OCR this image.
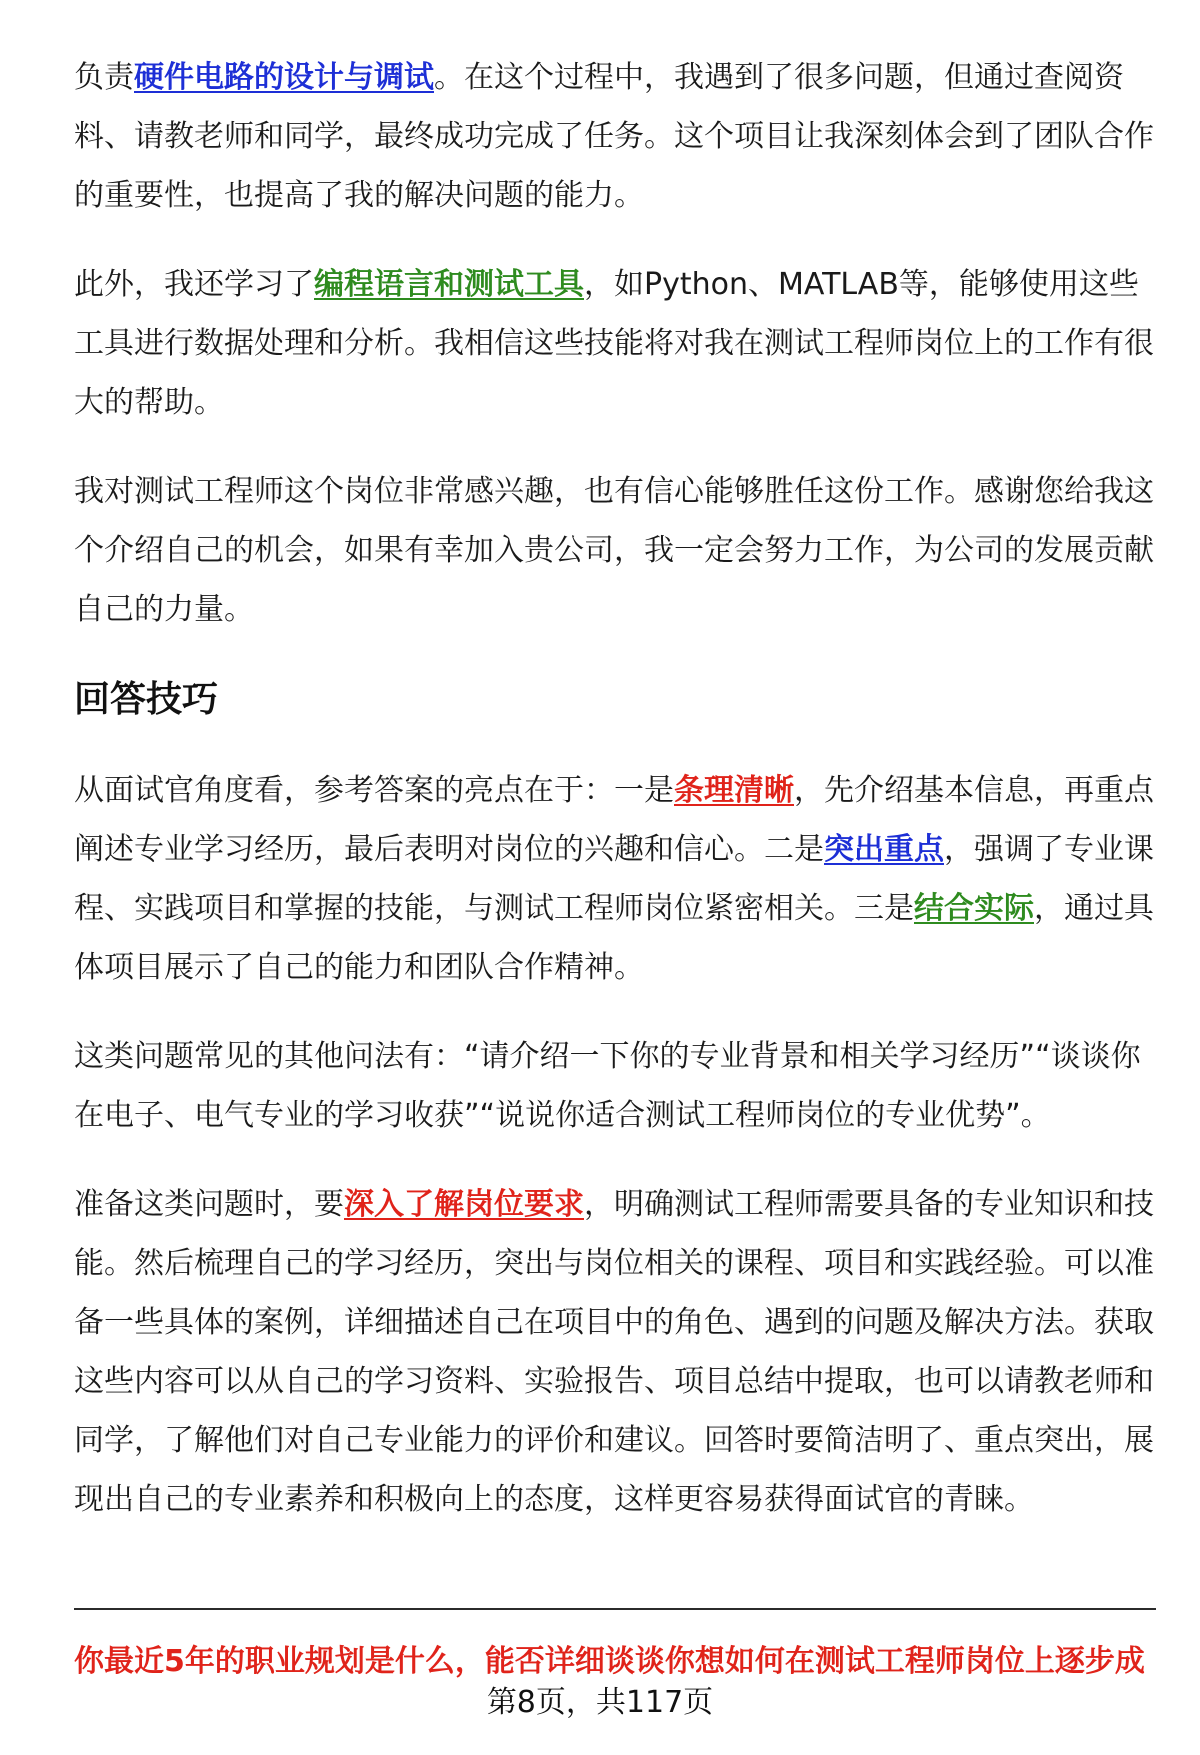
负责硬件电路的设计与调试。在这个过程中，我遇到了很多问题，但通过查阅资料、请教老师和同学，最终成功完成了任务。这个项目让我深刻体会到了团队合作的重要性，也提高了我的解决问题的能力。

此外，我还学习了编程语言和测试工具，如Python、MATLAB等，能够使用这些工具进行数据处理和分析。我相信这些技能将对我在测试工程师岗位上的工作有很大的帮助。

我对测试工程师这个岗位非常感兴趣，也有信心能够胜任这份工作。感谢您给我这个介绍自己的机会，如果有幸加入贵公司，我一定会努力工作，为公司的发展贡献自己的力量。

回答技巧

从面试官角度看，参考答案的亮点在于：一是条理清晰，先介绍基本信息，再重点阐述专业学习经历，最后表明对岗位的兴趣和信心。二是突出重点，强调了专业课程、实践项目和掌握的技能，与测试工程师岗位紧密相关。三是结合实际，通过具体项目展示了自己的能力和团队合作精神。

这类问题常见的其他问法有：“请介绍一下你的专业背景和相关学习经历”“谈谈你在电子、电气专业的学习收获”“说说你适合测试工程师岗位的专业优势”。

准备这类问题时，要深入了解岗位要求，明确测试工程师需要具备的专业知识和技能。然后梳理自己的学习经历，突出与岗位相关的课程、项目和实践经验。可以准备一些具体的案例，详细描述自己在项目中的角色、遇到的问题及解决方法。获取这些内容可以从自己的学习资料、实验报告、项目总结中提取，也可以请教老师和同学，了解他们对自己专业能力的评价和建议。回答时要简洁明了、重点突出，展现出自己的专业素养和积极向上的态度，这样更容易获得面试官的青睐。

你最近5年的职业规划是什么，能否详细谈谈你想如何在测试工程师岗位上逐步成
第8页，共117页
